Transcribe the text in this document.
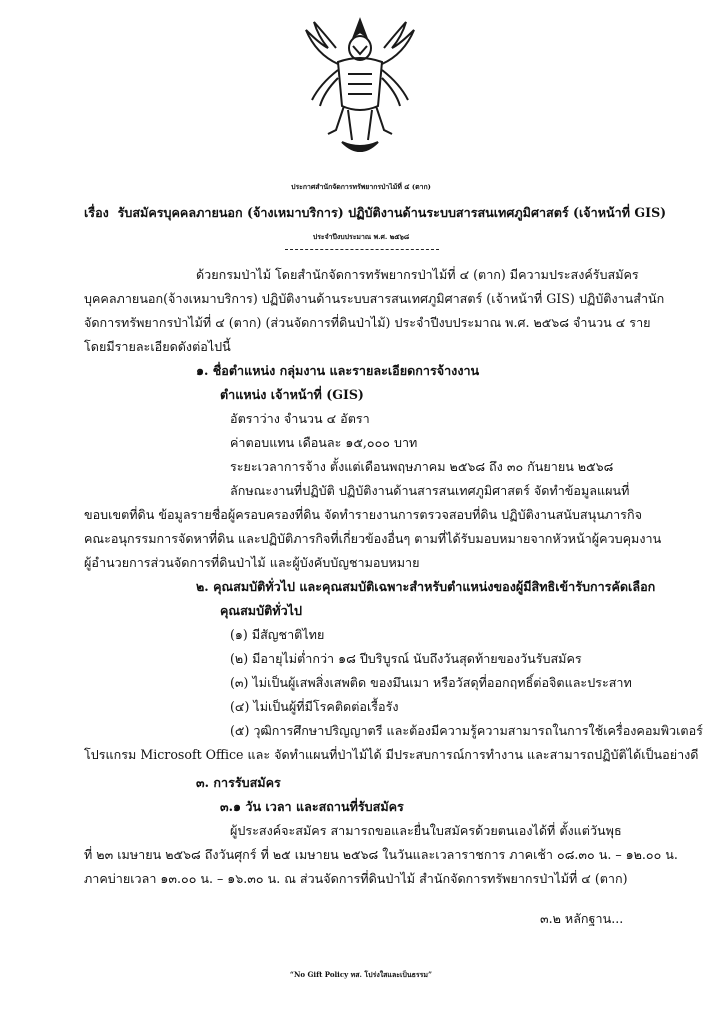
ประกาศสำนักจัดการทรัพยากรป่าไม้ที่ ๔ (ตาก)
เรื่อง รับสมัครบุคคลภายนอก (จ้างเหมาบริการ) ปฏิบัติงานด้านระบบสารสนเทศภูมิศาสตร์ (เจ้าหน้าที่ GIS)
ประจำปีงบประมาณ พ.ศ. ๒๕๖๘
ด้วยกรมป่าไม้ โดยสำนักจัดการทรัพยากรป่าไม้ที่ ๔ (ตาก) มีความประสงค์รับสมัคร
บุคคลภายนอก(จ้างเหมาบริการ) ปฏิบัติงานด้านระบบสารสนเทศภูมิศาสตร์ (เจ้าหน้าที่ GIS) ปฏิบัติงานสำนัก
จัดการทรัพยากรป่าไม้ที่ ๔ (ตาก) (ส่วนจัดการที่ดินป่าไม้) ประจำปีงบประมาณ พ.ศ. ๒๕๖๘ จำนวน ๔ ราย
โดยมีรายละเอียดดังต่อไปนี้
๑. ชื่อตำแหน่ง กลุ่มงาน และรายละเอียดการจ้างงาน
ตำแหน่ง เจ้าหน้าที่ (GIS)
อัตราว่าง จำนวน ๔ อัตรา
ค่าตอบแทน เดือนละ ๑๕,๐๐๐ บาท
ระยะเวลาการจ้าง ตั้งแต่เดือนพฤษภาคม ๒๕๖๘ ถึง ๓๐ กันยายน ๒๕๖๘
ลักษณะงานที่ปฏิบัติ ปฏิบัติงานด้านสารสนเทศภูมิศาสตร์ จัดทำข้อมูลแผนที่
ขอบเขตที่ดิน ข้อมูลรายชื่อผู้ครอบครองที่ดิน จัดทำรายงานการตรวจสอบที่ดิน ปฏิบัติงานสนับสนุนภารกิจ
คณะอนุกรรมการจัดหาที่ดิน และปฏิบัติภารกิจที่เกี่ยวข้องอื่นๆ ตามที่ได้รับมอบหมายจากหัวหน้าผู้ควบคุมงาน
ผู้อำนวยการส่วนจัดการที่ดินป่าไม้ และผู้บังคับบัญชามอบหมาย
๒. คุณสมบัติทั่วไป และคุณสมบัติเฉพาะสำหรับตำแหน่งของผู้มีสิทธิเข้ารับการคัดเลือก
คุณสมบัติทั่วไป
(๑) มีสัญชาติไทย
(๒) มีอายุไม่ต่ำกว่า ๑๘ ปีบริบูรณ์ นับถึงวันสุดท้ายของวันรับสมัคร
(๓) ไม่เป็นผู้เสพสิ่งเสพติด ของมึนเมา หรือวัสดุที่ออกฤทธิ์ต่อจิตและประสาท
(๔) ไม่เป็นผู้ที่มีโรคติดต่อเรื้อรัง
(๕) วุฒิการศึกษาปริญญาตรี และต้องมีความรู้ความสามารถในการใช้เครื่องคอมพิวเตอร์
โปรแกรม Microsoft Office และ จัดทำแผนที่ป่าไม้ได้ มีประสบการณ์การทำงาน และสามารถปฏิบัติได้เป็นอย่างดี
๓. การรับสมัคร
๓.๑ วัน เวลา และสถานที่รับสมัคร
ผู้ประสงค์จะสมัคร สามารถขอและยื่นใบสมัครด้วยตนเองได้ที่ ตั้งแต่วันพุธ
ที่ ๒๓ เมษายน ๒๕๖๘ ถึงวันศุกร์ ที่ ๒๕ เมษายน ๒๕๖๘ ในวันและเวลาราชการ ภาคเช้า ๐๘.๓๐ น. – ๑๒.๐๐ น.
ภาคบ่ายเวลา ๑๓.๐๐ น. – ๑๖.๓๐ น. ณ ส่วนจัดการที่ดินป่าไม้ สำนักจัดการทรัพยากรป่าไม้ที่ ๔ (ตาก)
๓.๒ หลักฐาน...
“No Gift Policy ทส. โปร่งใสและเป็นธรรม”
